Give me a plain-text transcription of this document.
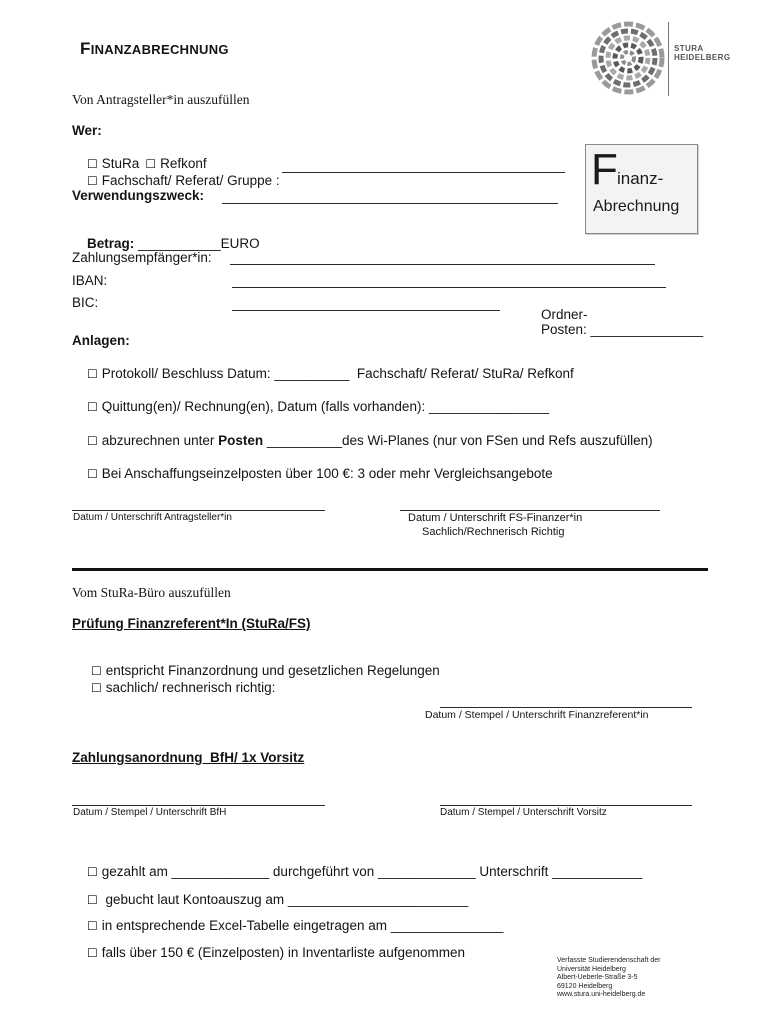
FINANZABRECHNUNG	STURA
HEIDELBERG
Von Antragsteller*in auszufüllen
Wer:

☐ StuRa ☐ Refkonf

☐ Fachschaft/ Referat/ Gruppe :
	F inanz-
Abrechnung
Verwendungszweck:

Betrag: ___________EURO

Zahlungsempfänger*in:
IBAN:
BIC:
Ordner-
Posten: _______________
Anlagen:

☐ Protokoll/ Beschluss Datum: __________  Fachschaft/ Referat/ StuRa/ Refkonf

☐ Quittung(en)/ Rechnung(en), Datum (falls vorhanden): ________________

☐ abzurechnen unter Posten __________des Wi-Planes (nur von FSen und Refs auszufüllen)

☐ Bei Anschaffungseinzelposten über 100 €: 3 oder mehr Vergleichsangebote

Datum / Unterschrift Antragsteller*in	Datum / Unterschrift FS-Finanzer*in
Sachlich/Rechnerisch Richtig
Vom StuRa-Büro auszufüllen
Prüfung Finanzreferent*In (StuRa/FS)

☐ entspricht Finanzordnung und gesetzlichen Regelungen

☐ sachlich/ rechnerisch richtig:

Datum / Stempel / Unterschrift Finanzreferent*in
Zahlungsanordnung  BfH/ 1x Vorsitz
Datum / Stempel / Unterschrift BfH	Datum / Stempel / Unterschrift Vorsitz

☐ gezahlt am _____________ durchgeführt von _____________ Unterschrift ____________

☐ gebucht laut Kontoauszug am ________________________

☐ in entsprechende Excel-Tabelle eingetragen am _______________

☐ falls über 150 € (Einzelposten) in Inventarliste aufgenommen

Verfasste Studierendenschaft der
Universität Heidelberg
Albert-Ueberle-Straße 3-5
69120 Heidelberg
www.stura.uni-heidelberg.de
